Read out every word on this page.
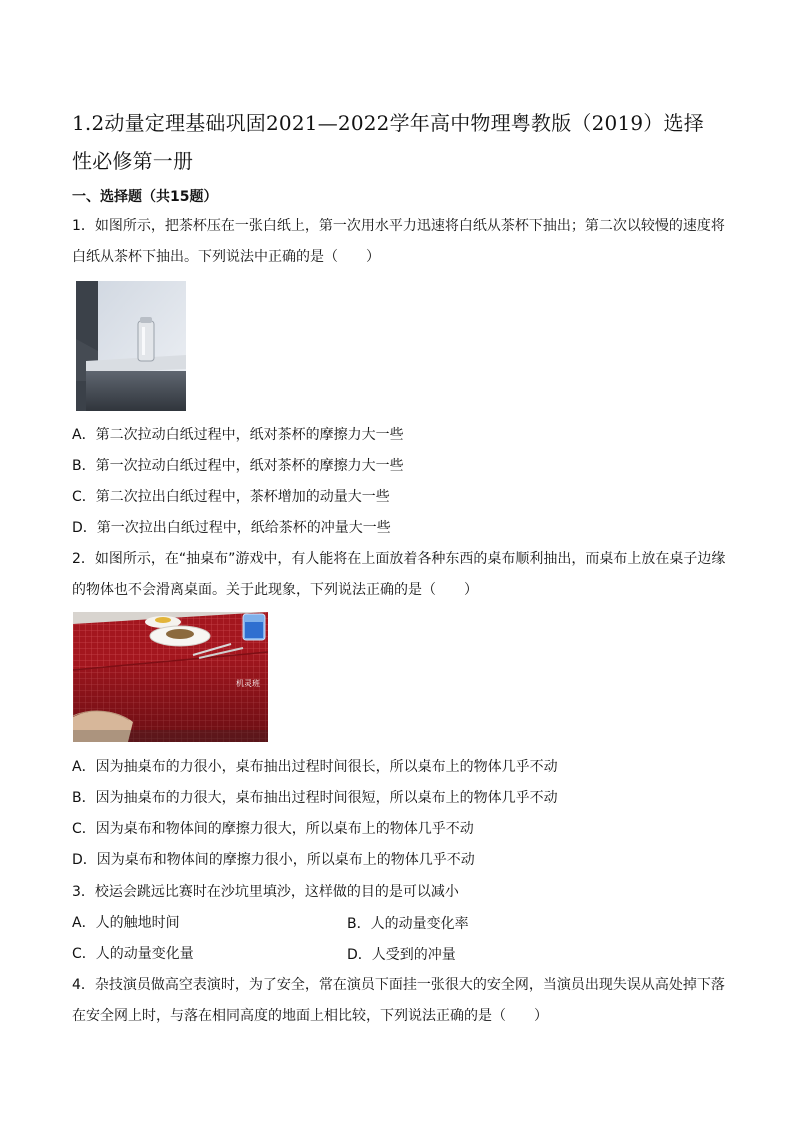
1.2动量定理基础巩固2021—2022学年高中物理粤教版（2019）选择
性必修第一册
一、选择题（共15题）
1．如图所示，把茶杯压在一张白纸上，第一次用水平力迅速将白纸从茶杯下抽出；第二次以较慢的速度将
白纸从茶杯下抽出。下列说法中正确的是（　　）
A．第二次拉动白纸过程中，纸对茶杯的摩擦力大一些
B．第一次拉动白纸过程中，纸对茶杯的摩擦力大一些
C．第二次拉出白纸过程中，茶杯增加的动量大一些
D．第一次拉出白纸过程中，纸给茶杯的冲量大一些
2．如图所示，在“抽桌布”游戏中，有人能将在上面放着各种东西的桌布顺利抽出，而桌布上放在桌子边缘
的物体也不会滑离桌面。关于此现象，下列说法正确的是（　　）
机灵班
A．因为抽桌布的力很小，桌布抽出过程时间很长，所以桌布上的物体几乎不动
B．因为抽桌布的力很大，桌布抽出过程时间很短，所以桌布上的物体几乎不动
C．因为桌布和物体间的摩擦力很大，所以桌布上的物体几乎不动
D．因为桌布和物体间的摩擦力很小，所以桌布上的物体几乎不动
3．校运会跳远比赛时在沙坑里填沙，这样做的目的是可以减小
A．人的触地时间	B．人的动量变化率
C．人的动量变化量	D．人受到的冲量
4．杂技演员做高空表演时，为了安全，常在演员下面挂一张很大的安全网，当演员出现失误从高处掉下落
在安全网上时，与落在相同高度的地面上相比较，下列说法正确的是（　　）
